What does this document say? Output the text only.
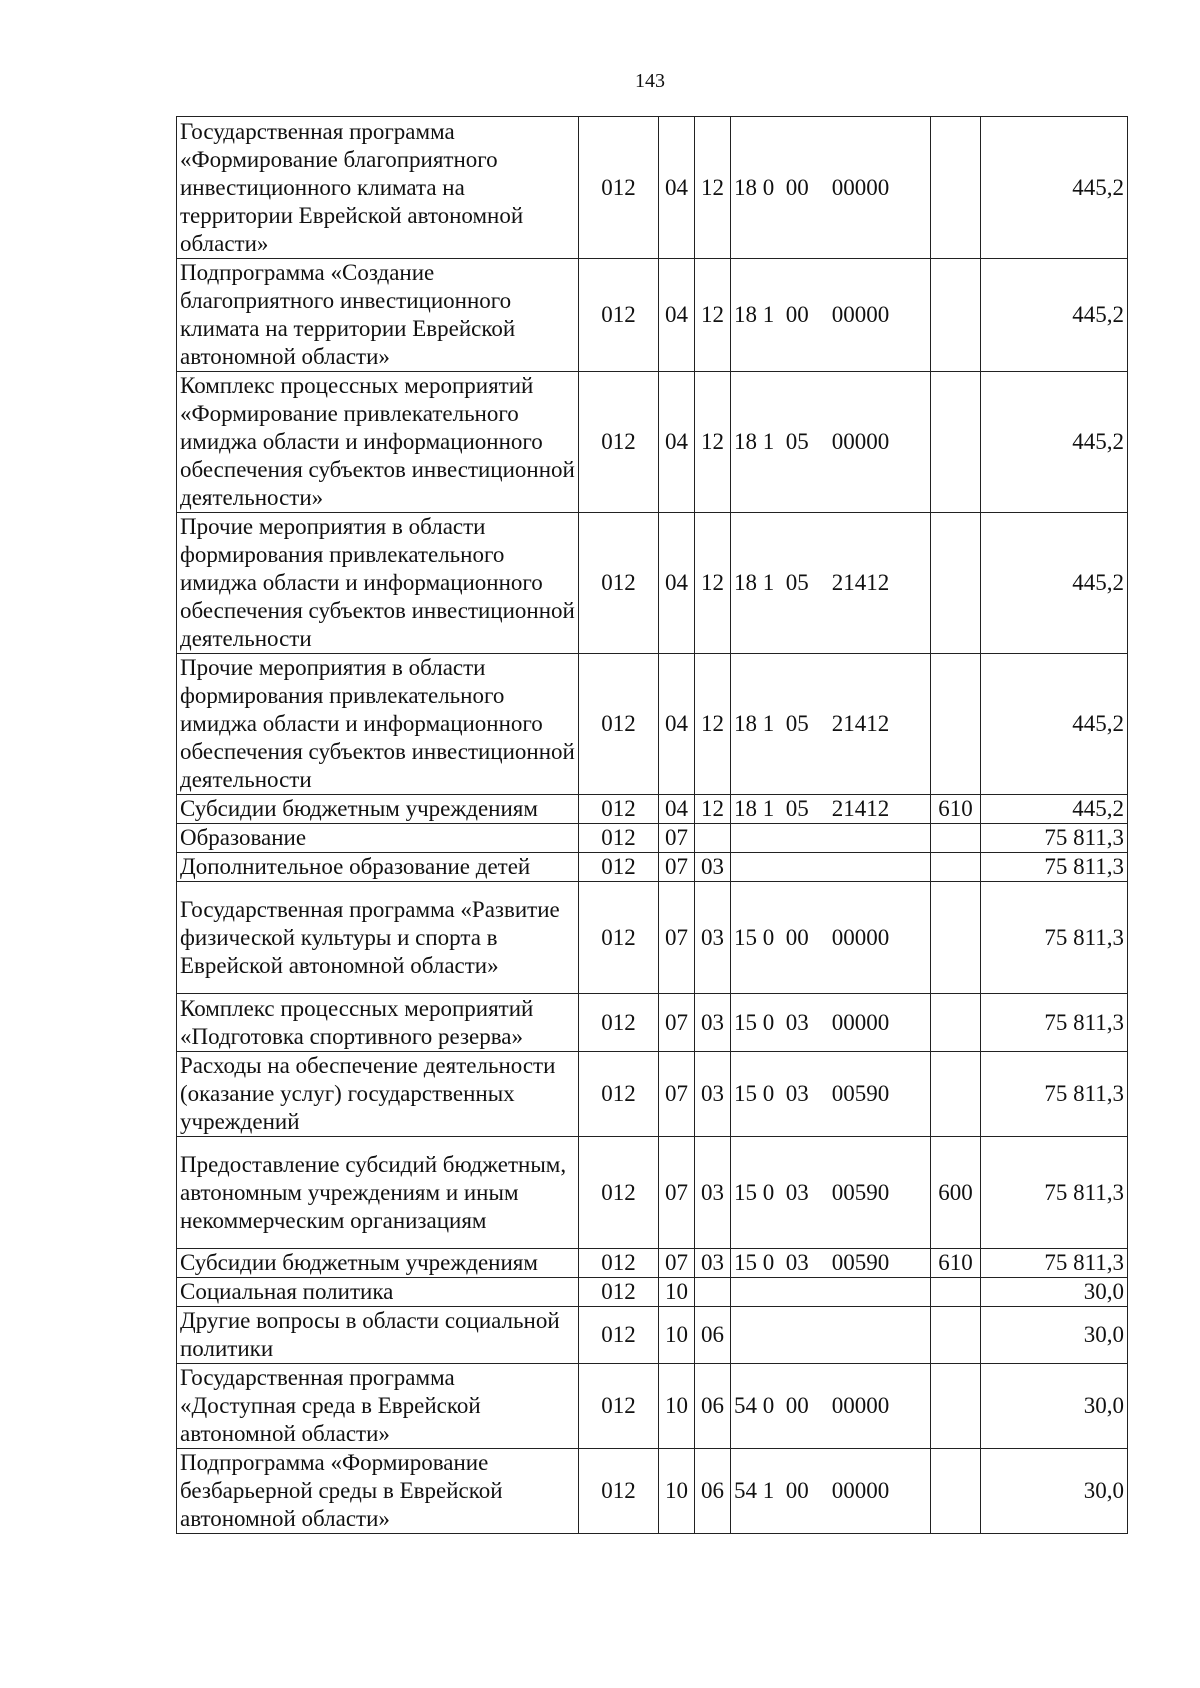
143
Государственная программа «Формирование благоприятного инвестиционного климата на территории Еврейской автономной области»	012	04	12	18 0  00    00000		445,2
Подпрограмма «Создание благоприятного инвестиционного климата на территории Еврейской автономной области»	012	04	12	18 1  00    00000		445,2
Комплекс процессных мероприятий «Формирование привлекательного имиджа области и информационного обеспечения субъектов инвестиционной деятельности»	012	04	12	18 1  05    00000		445,2
Прочие мероприятия в области формирования привлекательного имиджа области и информационного обеспечения субъектов инвестиционной деятельности	012	04	12	18 1  05    21412		445,2
Прочие мероприятия в области формирования привлекательного имиджа области и информационного обеспечения субъектов инвестиционной деятельности	012	04	12	18 1  05    21412		445,2
Субсидии бюджетным учреждениям	012	04	12	18 1  05    21412	610	445,2
Образование	012	07				75 811,3
Дополнительное образование детей	012	07	03			75 811,3
Государственная программа «Развитие физической культуры и спорта в Еврейской автономной области»	012	07	03	15 0  00    00000		75 811,3
Комплекс процессных мероприятий «Подготовка спортивного резерва»	012	07	03	15 0  03    00000		75 811,3
Расходы на обеспечение деятельности (оказание услуг) государственных учреждений	012	07	03	15 0  03    00590		75 811,3
Предоставление субсидий бюджетным, автономным учреждениям и иным некоммерческим организациям	012	07	03	15 0  03    00590	600	75 811,3
Субсидии бюджетным учреждениям	012	07	03	15 0  03    00590	610	75 811,3
Социальная политика	012	10				30,0
Другие вопросы в области социальной политики	012	10	06			30,0
Государственная программа «Доступная среда в Еврейской автономной области»	012	10	06	54 0  00    00000		30,0
Подпрограмма «Формирование безбарьерной среды в Еврейской автономной области»	012	10	06	54 1  00    00000		30,0
